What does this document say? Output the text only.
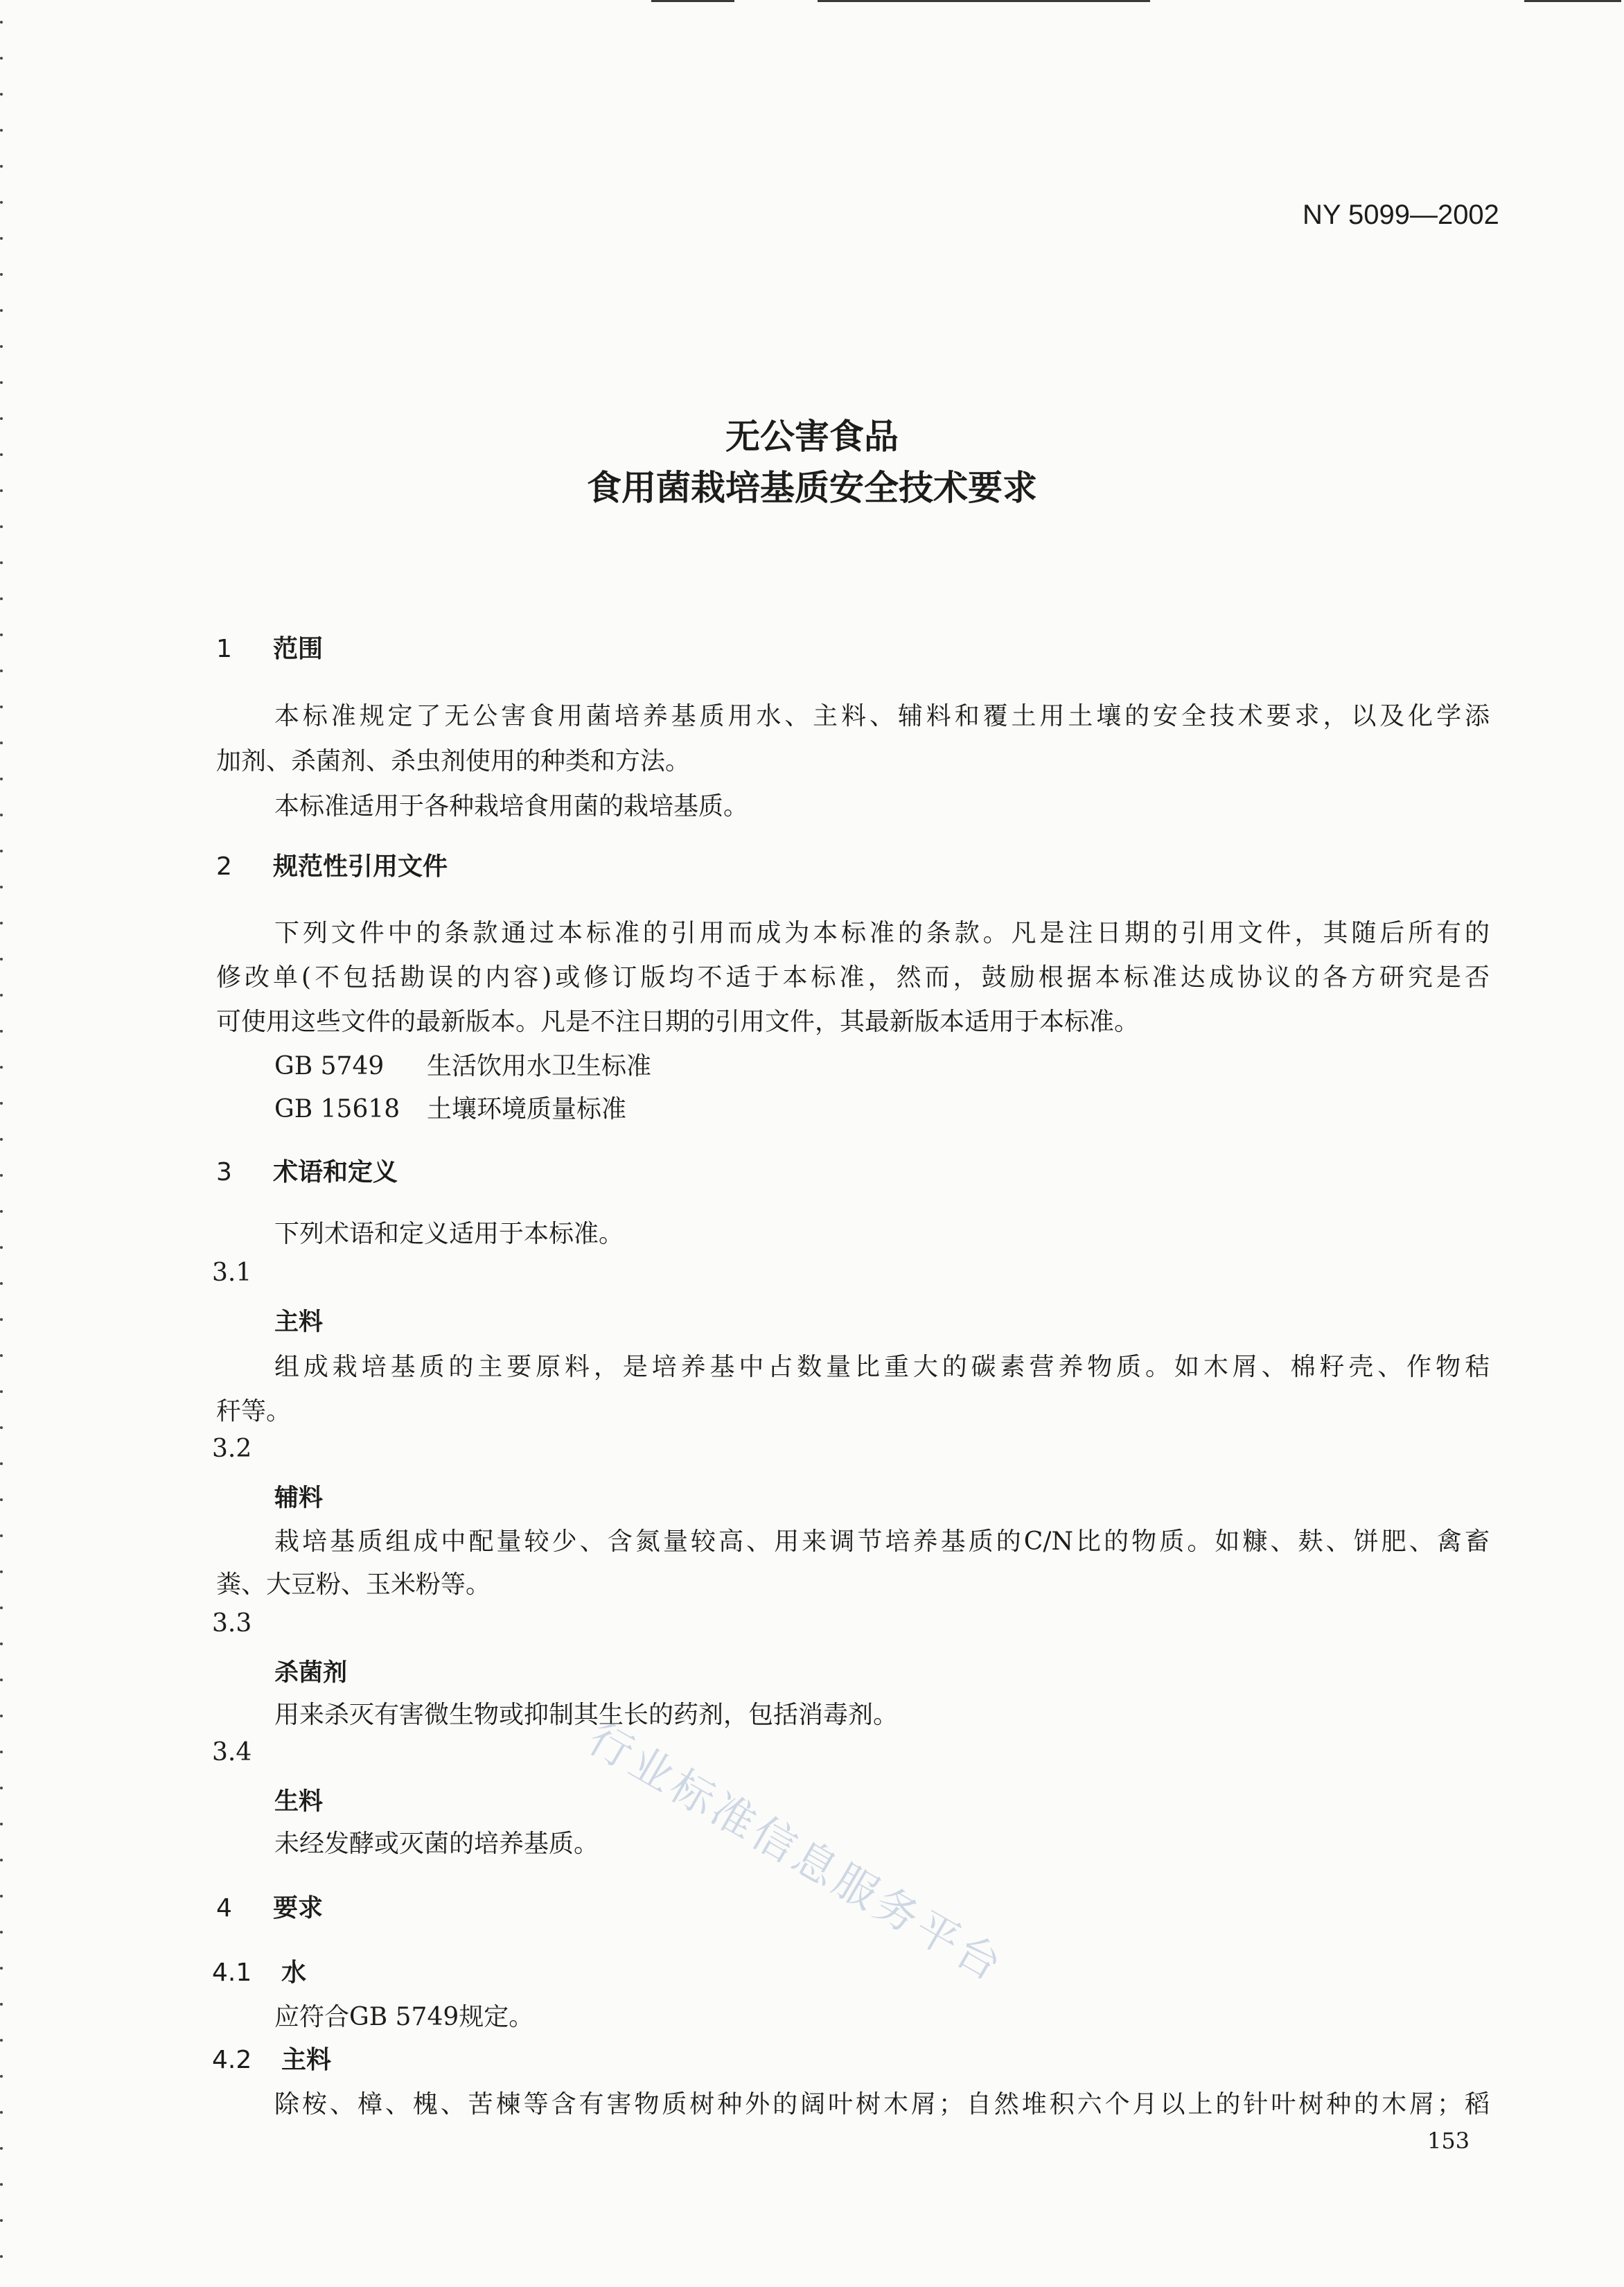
NY 5099—2002
无公害食品
食用菌栽培基质安全技术要求
1 范围
本标准规定了无公害食用菌培养基质用水、主料、辅料和覆土用土壤的安全技术要求，以及化学添
加剂、杀菌剂、杀虫剂使用的种类和方法。
本标准适用于各种栽培食用菌的栽培基质。
2 规范性引用文件
下列文件中的条款通过本标准的引用而成为本标准的条款。凡是注日期的引用文件，其随后所有的
修改单(不包括勘误的内容)或修订版均不适于本标准，然而，鼓励根据本标准达成协议的各方研究是否
可使用这些文件的最新版本。凡是不注日期的引用文件，其最新版本适用于本标准。
GB 5749 生活饮用水卫生标准
GB 15618 土壤环境质量标准
3 术语和定义
下列术语和定义适用于本标准。
3.1
主料
组成栽培基质的主要原料，是培养基中占数量比重大的碳素营养物质。如木屑、棉籽壳、作物秸
秆等。
3.2
辅料
栽培基质组成中配量较少、含氮量较高、用来调节培养基质的C/N比的物质。如糠、麸、饼肥、禽畜
粪、大豆粉、玉米粉等。
3.3
杀菌剂
用来杀灭有害微生物或抑制其生长的药剂，包括消毒剂。
3.4
生料
未经发酵或灭菌的培养基质。
4 要求
4.1 水
应符合GB 5749规定。
4.2 主料
除桉、樟、槐、苦楝等含有害物质树种外的阔叶树木屑；自然堆积六个月以上的针叶树种的木屑；稻
行业标准信息服务平台
153
